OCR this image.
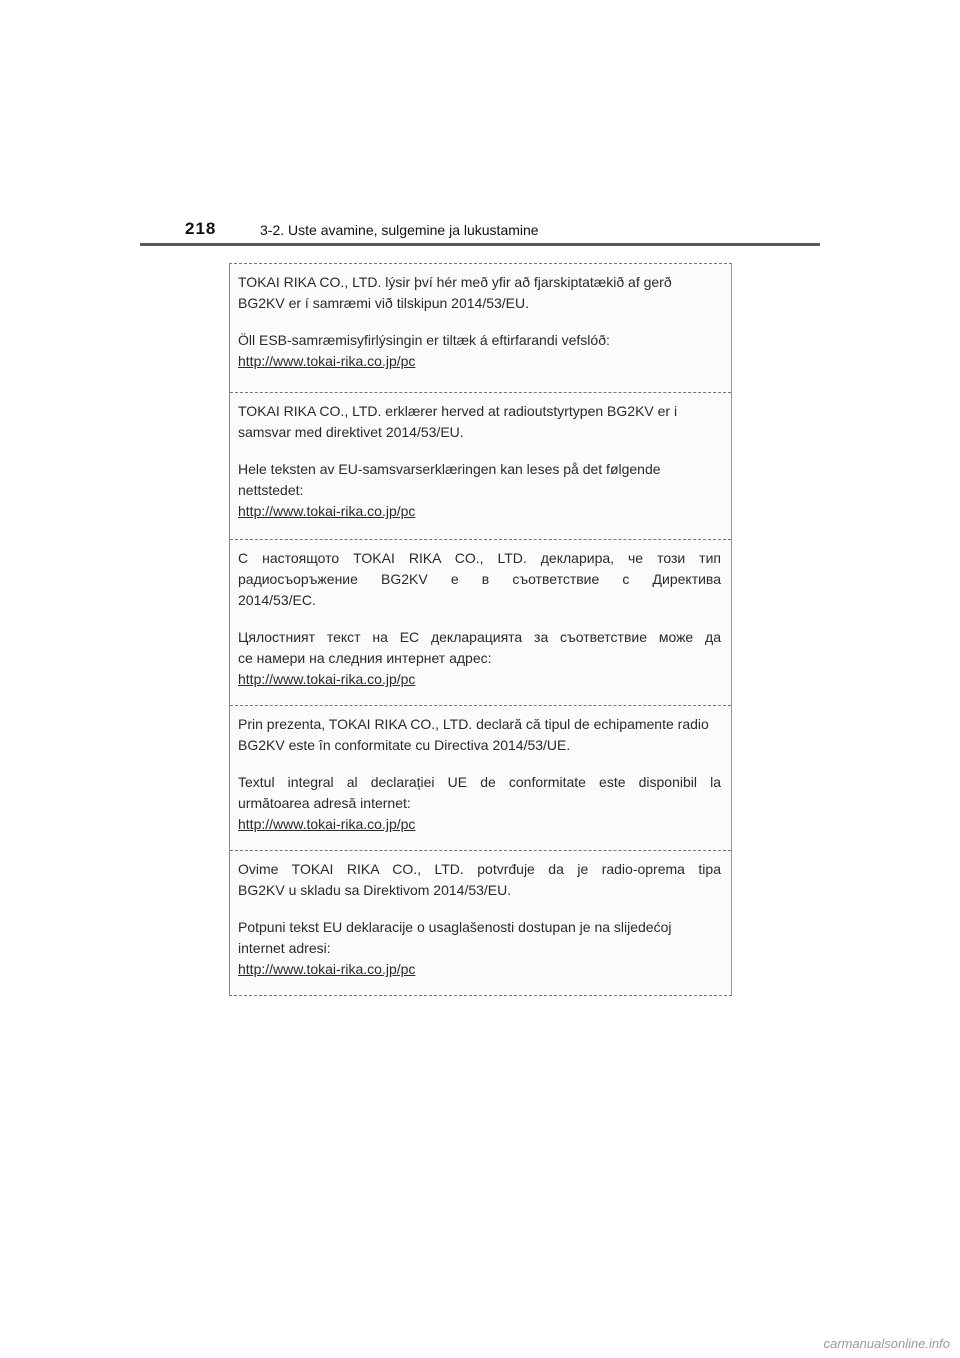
218	3-2. Uste avamine, sulgemine ja lukustamine

TOKAI RIKA CO., LTD. lýsir því hér með yfir að fjarskiptatækið af gerð BG2KV er í samræmi við tilskipun 2014/53/EU.

Öll ESB-samræmisyfirlýsingin er tiltæk á eftirfarandi vefslóð:

http://www.tokai-rika.co.jp/pc

TOKAI RIKA CO., LTD. erklærer herved at radioutstyrtypen BG2KV er i samsvar med direktivet 2014/53/EU.

Hele teksten av EU-samsvarserklæringen kan leses på det følgende nettstedet:

http://www.tokai-rika.co.jp/pc

С настоящото TOKAI RIKA CO., LTD. декларира, че този тип

радиосъоръжение BG2KV е в съответствие с Директива

2014/53/ЕС.

Цялостният текст на ЕС декларацията за съответствие може да

се намери на следния интернет адрес:

http://www.tokai-rika.co.jp/pc

Prin prezenta, TOKAI RIKA CO., LTD. declară că tipul de echipamente radio BG2KV este în conformitate cu Directiva 2014/53/UE.

Textul integral al declarației UE de conformitate este disponibil la

următoarea adresă internet:

http://www.tokai-rika.co.jp/pc

Ovime TOKAI RIKA CO., LTD. potvrđuje da je radio-oprema tipa

BG2KV u skladu sa Direktivom 2014/53/EU.

Potpuni tekst EU deklaracije o usaglašenosti dostupan je na slijedećoj internet adresi:

http://www.tokai-rika.co.jp/pc
carmanualsonline.info
